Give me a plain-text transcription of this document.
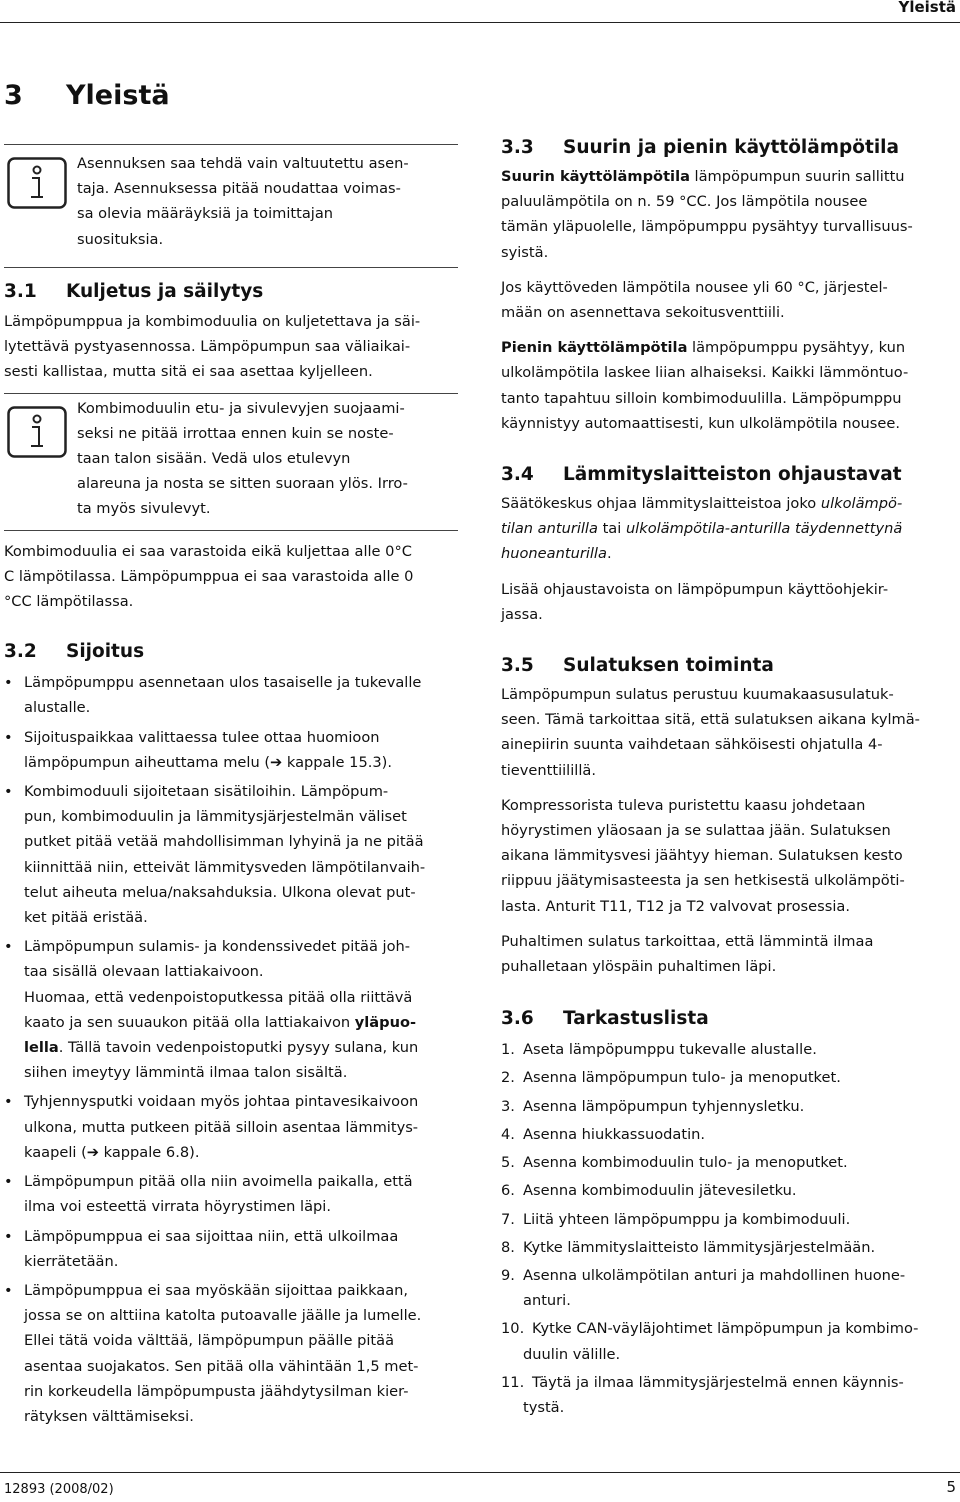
Yleistä
3 Yleistä

Asennuksen saa tehdä vain valtuutettu asen-
taja. Asennuksessa pitää noudattaa voimas-
sa olevia määräyksiä ja toimittajan
suosituksia.

3.1 Kuljetus ja säilytys

Lämpöpumppua ja kombimoduulia on kuljetettava ja säi-
lytettävä pystyasennossa. Lämpöpumpun saa väliaikai-
sesti kallistaa, mutta sitä ei saa asettaa kyljelleen.

Kombimoduulin etu- ja sivulevyjen suojaami-
seksi ne pitää irrottaa ennen kuin se noste-
taan talon sisään. Vedä ulos etulevyn
alareuna ja nosta se sitten suoraan ylös. Irro-
ta myös sivulevyt.

Kombimoduulia ei saa varastoida eikä kuljettaa alle 0°C
C lämpötilassa. Lämpöpumppua ei saa varastoida alle 0
°CC lämpötilassa.

3.2 Sijoitus
• Lämpöpumppu asennetaan ulos tasaiselle ja tukevalle
alustalle.
• Sijoituspaikkaa valittaessa tulee ottaa huomioon
lämpöpumpun aiheuttama melu (➔ kappale 15.3).
• Kombimoduuli sijoitetaan sisätiloihin. Lämpöpum-
pun, kombimoduulin ja lämmitysjärjestelmän väliset
putket pitää vetää mahdollisimman lyhyinä ja ne pitää
kiinnittää niin, etteivät lämmitysveden lämpötilanvaih-
telut aiheuta melua/naksahduksia. Ulkona olevat put-
ket pitää eristää.
• Lämpöpumpun sulamis- ja kondenssivedet pitää joh-
taa sisällä olevaan lattiakaivoon.
Huomaa, että vedenpoistoputkessa pitää olla riittävä
kaato ja sen suuaukon pitää olla lattiakaivon yläpuo-
lella. Tällä tavoin vedenpoistoputki pysyy sulana, kun
siihen imeytyy lämmintä ilmaa talon sisältä.
• Tyhjennysputki voidaan myös johtaa pintavesikaivoon
ulkona, mutta putkeen pitää silloin asentaa lämmitys-
kaapeli (➔ kappale 6.8).
• Lämpöpumpun pitää olla niin avoimella paikalla, että
ilma voi esteettä virrata höyrystimen läpi.
• Lämpöpumppua ei saa sijoittaa niin, että ulkoilmaa
kierrätetään.
• Lämpöpumppua ei saa myöskään sijoittaa paikkaan,
jossa se on alttiina katolta putoavalle jäälle ja lumelle.
Ellei tätä voida välttää, lämpöpumpun päälle pitää
asentaa suojakatos. Sen pitää olla vähintään 1,5 met-
rin korkeudella lämpöpumpusta jäähdytysilman kier-
rätyksen välttämiseksi.
3.3 Suurin ja pienin käyttölämpötila

Suurin käyttölämpötila lämpöpumpun suurin sallittu
paluulämpötila on n. 59 °CC. Jos lämpötila nousee
tämän yläpuolelle, lämpöpumppu pysähtyy turvallisuus-
syistä.

Jos käyttöveden lämpötila nousee yli 60 °C, järjestel-
mään on asennettava sekoitusventtiili.

Pienin käyttölämpötila lämpöpumppu pysähtyy, kun
ulkolämpötila laskee liian alhaiseksi. Kaikki lämmöntuo-
tanto tapahtuu silloin kombimoduulilla. Lämpöpumppu
käynnistyy automaattisesti, kun ulkolämpötila nousee.

3.4 Lämmityslaitteiston ohjaustavat

Säätökeskus ohjaa lämmityslaitteistoa joko ulkolämpö-
tilan anturilla tai ulkolämpötila-anturilla täydennettynä
huoneanturilla.

Lisää ohjaustavoista on lämpöpumpun käyttöohjekir-
jassa.

3.5 Sulatuksen toiminta

Lämpöpumpun sulatus perustuu kuumakaasusulatuk-
seen. Tämä tarkoittaa sitä, että sulatuksen aikana kylmä-
ainepiirin suunta vaihdetaan sähköisesti ohjatulla 4-
tieventtiilillä.

Kompressorista tuleva puristettu kaasu johdetaan
höyrystimen yläosaan ja se sulattaa jään. Sulatuksen
aikana lämmitysvesi jäähtyy hieman. Sulatuksen kesto
riippuu jäätymisasteesta ja sen hetkisestä ulkolämpöti-
lasta. Anturit T11, T12 ja T2 valvovat prosessia.

Puhaltimen sulatus tarkoittaa, että lämmintä ilmaa
puhalletaan ylöspäin puhaltimen läpi.

3.6 Tarkastuslista
1. Aseta lämpöpumppu tukevalle alustalle.
2. Asenna lämpöpumpun tulo- ja menoputket.
3. Asenna lämpöpumpun tyhjennysletku.
4. Asenna hiukkassuodatin.
5. Asenna kombimoduulin tulo- ja menoputket.
6. Asenna kombimoduulin jätevesiletku.
7. Liitä yhteen lämpöpumppu ja kombimoduuli.
8. Kytke lämmityslaitteisto lämmitysjärjestelmään.
9. Asenna ulkolämpötilan anturi ja mahdollinen huone-
anturi.
10. Kytke CAN-väyläjohtimet lämpöpumpun ja kombimo-
duulin välille.
11. Täytä ja ilmaa lämmitysjärjestelmä ennen käynnis-
tystä.
12893 (2008/02)	5
